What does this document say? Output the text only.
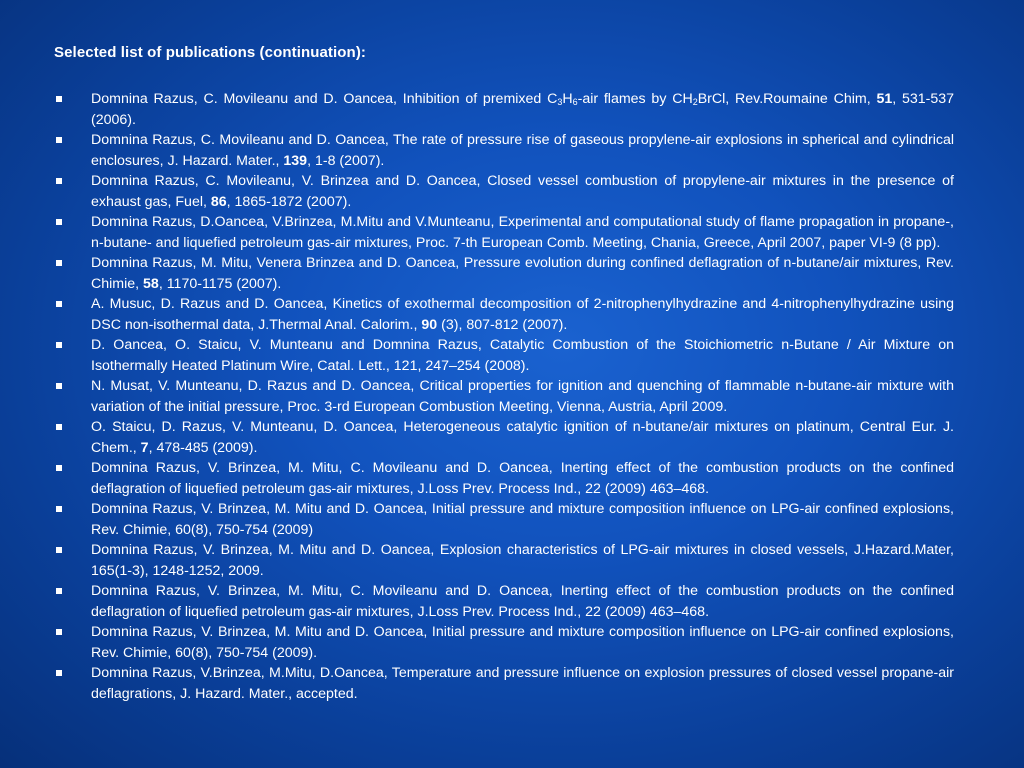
Selected list of publications (continuation):
Domnina Razus, C. Movileanu and D. Oancea, Inhibition of premixed $C_3H_6$-air flames by $CH_2BrCl$, Rev.Roumaine Chim, 51, 531-537 (2006).
Domnina Razus, C. Movileanu and D. Oancea, The rate of pressure rise of gaseous propylene-air explosions in spherical and cylindrical enclosures, J. Hazard. Mater., 139, 1-8 (2007).
Domnina Razus, C. Movileanu, V. Brinzea and D. Oancea, Closed vessel combustion of propylene-air mixtures in the presence of exhaust gas, Fuel, 86, 1865-1872 (2007).
Domnina Razus, D.Oancea, V.Brinzea, M.Mitu and V.Munteanu, Experimental and computational study of flame propagation in propane-, n-butane- and liquefied petroleum gas-air mixtures, Proc. 7-th European Comb. Meeting, Chania, Greece, April 2007, paper VI-9 (8 pp).
Domnina Razus, M. Mitu, Venera Brinzea and D. Oancea, Pressure evolution during confined deflagration of n-butane/air mixtures, Rev. Chimie, 58, 1170-1175 (2007).
A. Musuc, D. Razus and D. Oancea, Kinetics of exothermal decomposition of 2-nitrophenylhydrazine and 4-nitrophenylhydrazine using DSC non-isothermal data, J.Thermal Anal. Calorim., 90 (3), 807-812 (2007).
D. Oancea, O. Staicu, V. Munteanu and Domnina Razus, Catalytic Combustion of the Stoichiometric n-Butane / Air Mixture on Isothermally Heated Platinum Wire, Catal. Lett., 121, 247–254 (2008).
N. Musat, V. Munteanu, D. Razus and D. Oancea, Critical properties for ignition and quenching of flammable n-butane-air mixture with variation of the initial pressure, Proc. 3-rd European Combustion Meeting, Vienna, Austria, April 2009.
O. Staicu, D. Razus, V. Munteanu, D. Oancea, Heterogeneous catalytic ignition of n-butane/air mixtures on platinum, Central Eur. J. Chem., 7, 478-485 (2009).
Domnina Razus, V. Brinzea, M. Mitu, C. Movileanu and D. Oancea, Inerting effect of the combustion products on the confined deflagration of liquefied petroleum gas-air mixtures, J.Loss Prev. Process Ind., 22 (2009) 463–468.
Domnina Razus, V. Brinzea, M. Mitu and D. Oancea, Initial pressure and mixture composition influence on LPG-air confined explosions, Rev. Chimie, 60(8), 750-754 (2009)
Domnina Razus, V. Brinzea, M. Mitu and D. Oancea, Explosion characteristics of LPG-air mixtures in closed vessels, J.Hazard.Mater, 165(1-3), 1248-1252, 2009.
Domnina Razus, V. Brinzea, M. Mitu, C. Movileanu and D. Oancea, Inerting effect of the combustion products on the confined deflagration of liquefied petroleum gas-air mixtures, J.Loss Prev. Process Ind., 22 (2009) 463–468.
Domnina Razus, V. Brinzea, M. Mitu and D. Oancea, Initial pressure and mixture composition influence on LPG-air confined explosions, Rev. Chimie, 60(8), 750-754 (2009).
Domnina Razus, V.Brinzea, M.Mitu, D.Oancea, Temperature and pressure influence on explosion pressures of closed vessel propane-air deflagrations, J. Hazard. Mater., accepted.
